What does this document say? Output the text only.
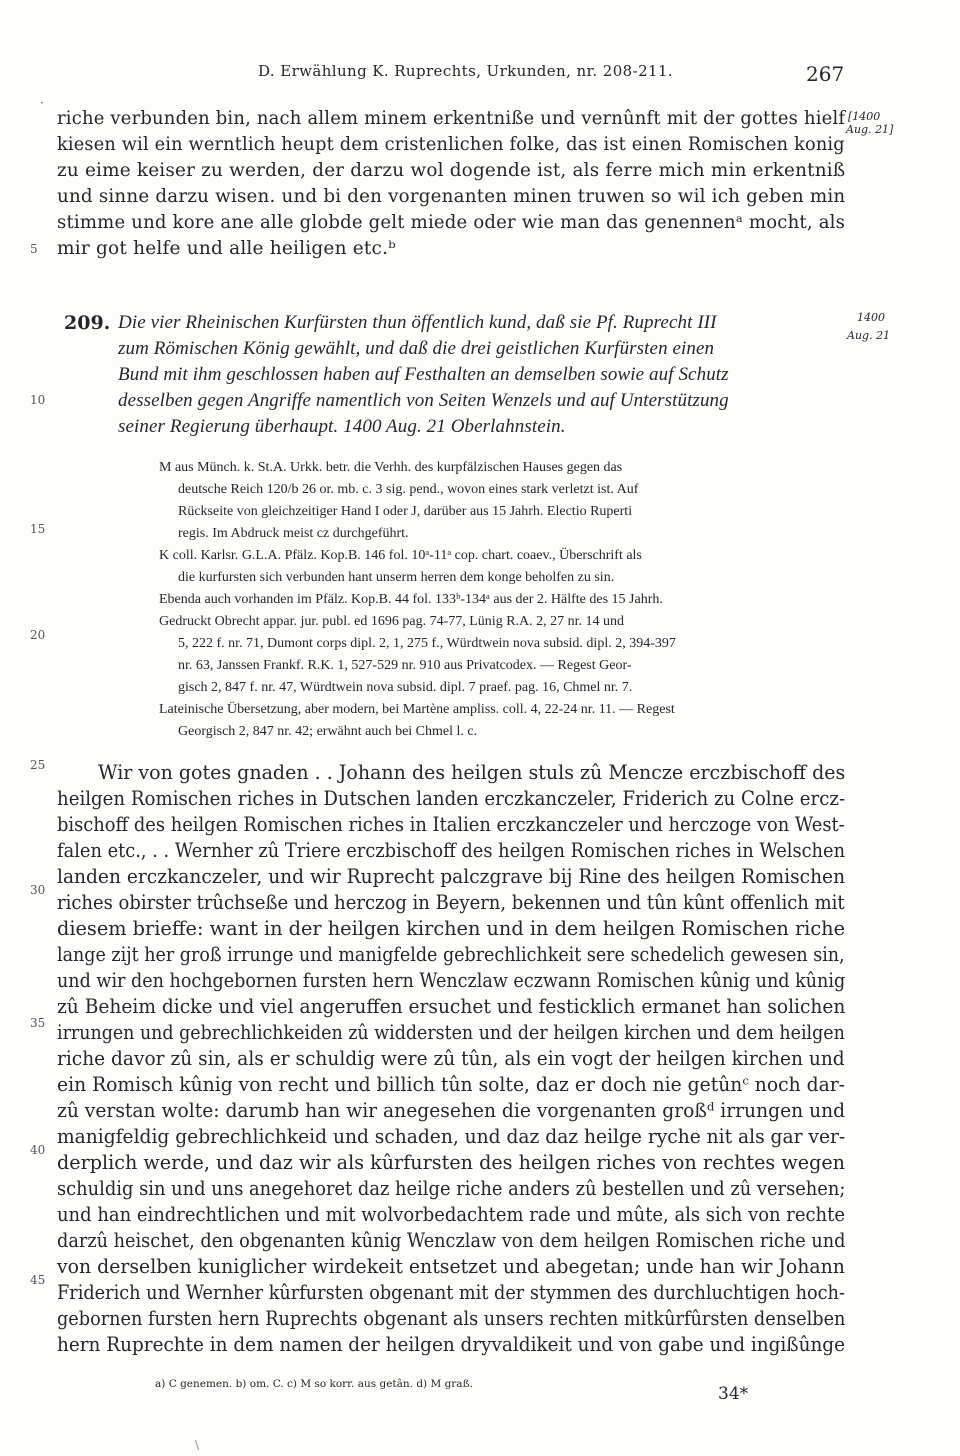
·
D. Erwählung K. Ruprechts, Urkunden, nr. 208-211.	267
[1400
Aug. 21]
1400
Aug. 21
5
10
15
20
25
30
35
40
45
riche verbunden bin, nach allem minem erkentniße und vernûnft mit der gottes hielf
kiesen wil ein werntlich heupt dem cristenlichen folke, das ist einen Romischen konig
zu eime keiser zu werden, der darzu wol dogende ist, als ferre mich min erkentniß
und sinne darzu wisen. und bi den vorgenanten minen truwen so wil ich geben min
stimme und kore ane alle globde gelt miede oder wie man das genennenᵃ mocht, als
mir got helfe und alle heiligen etc.ᵇ
209. Die vier Rheinischen Kurfürsten thun öffentlich kund, daß sie Pf. Ruprecht III
zum Römischen König gewählt, und daß die drei geistlichen Kurfürsten einen
Bund mit ihm geschlossen haben auf Festhalten an demselben sowie auf Schutz
desselben gegen Angriffe namentlich von Seiten Wenzels und auf Unterstützung
seiner Regierung überhaupt. 1400 Aug. 21 Oberlahnstein.
M aus Münch. k. St.A. Urkk. betr. die Verhh. des kurpfälzischen Hauses gegen das
deutsche Reich 120/b 26 or. mb. c. 3 sig. pend., wovon eines stark verletzt ist. Auf
Rückseite von gleichzeitiger Hand I oder J, darüber aus 15 Jahrh. Electio Ruperti
regis. Im Abdruck meist cz durchgeführt.
K coll. Karlsr. G.L.A. Pfälz. Kop.B. 146 fol. 10ᵃ-11ᵃ cop. chart. coaev., Überschrift als
die kurfursten sich verbunden hant unserm herren dem konge beholfen zu sin.
Ebenda auch vorhanden im Pfälz. Kop.B. 44 fol. 133ᵇ-134ᵃ aus der 2. Hälfte des 15 Jahrh.
Gedruckt Obrecht appar. jur. publ. ed 1696 pag. 74-77, Lünig R.A. 2, 27 nr. 14 und
5, 222 f. nr. 71, Dumont corps dipl. 2, 1, 275 f., Würdtwein nova subsid. dipl. 2, 394-397
nr. 63, Janssen Frankf. R.K. 1, 527-529 nr. 910 aus Privatcodex. — Regest Geor-
gisch 2, 847 f. nr. 47, Würdtwein nova subsid. dipl. 7 praef. pag. 16, Chmel nr. 7.
Lateinische Übersetzung, aber modern, bei Martène ampliss. coll. 4, 22-24 nr. 11. — Regest
Georgisch 2, 847 nr. 42; erwähnt auch bei Chmel l. c.
Wir von gotes gnaden . . Johann des heilgen stuls zû Mencze erczbischoff des
heilgen Romischen riches in Dutschen landen erczkanczeler, Friderich zu Colne ercz-
bischoff des heilgen Romischen riches in Italien erczkanczeler und herczoge von West-
falen etc., . . Wernher zû Triere erczbischoff des heilgen Romischen riches in Welschen
landen erczkanczeler, und wir Ruprecht palczgrave bij Rine des heilgen Romischen
riches obirster trûchseße und herczog in Beyern, bekennen und tûn kûnt offenlich mit
diesem brieffe: want in der heilgen kirchen und in dem heilgen Romischen riche
lange zijt her groß irrunge und manigfelde gebrechlichkeit sere schedelich gewesen sin,
und wir den hochgebornen fursten hern Wenczlaw eczwann Romischen kûnig und kûnig
zû Beheim dicke und viel angeruffen ersuchet und festicklich ermanet han solichen
irrungen und gebrechlichkeiden zû widdersten und der heilgen kirchen und dem heilgen
riche davor zû sin, als er schuldig were zû tûn, als ein vogt der heilgen kirchen und
ein Romisch kûnig von recht und billich tûn solte, daz er doch nie getûnᶜ noch dar-
zû verstan wolte: darumb han wir anegesehen die vorgenanten großᵈ irrungen und
manigfeldig gebrechlichkeid und schaden, und daz daz heilge ryche nit als gar ver-
derplich werde, und daz wir als kûrfursten des heilgen riches von rechtes wegen
schuldig sin und uns anegehoret daz heilge riche anders zû bestellen und zû versehen;
und han eindrechtlichen und mit wolvorbedachtem rade und mûte, als sich von rechte
darzû heischet, den obgenanten kûnig Wenczlaw von dem heilgen Romischen riche und
von derselben kuniglicher wirdekeit entsetzet und abegetan; unde han wir Johann
Friderich und Wernher kûrfursten obgenant mit der stymmen des durchluchtigen hoch-
gebornen fursten hern Ruprechts obgenant als unsers rechten mitkûrfûrsten denselben
hern Ruprechte in dem namen der heilgen dryvaldikeit und von gabe und ingißûnge
a) C genemen. b) om. C. c) M so korr. aus getân. d) M graß.	34*
\
